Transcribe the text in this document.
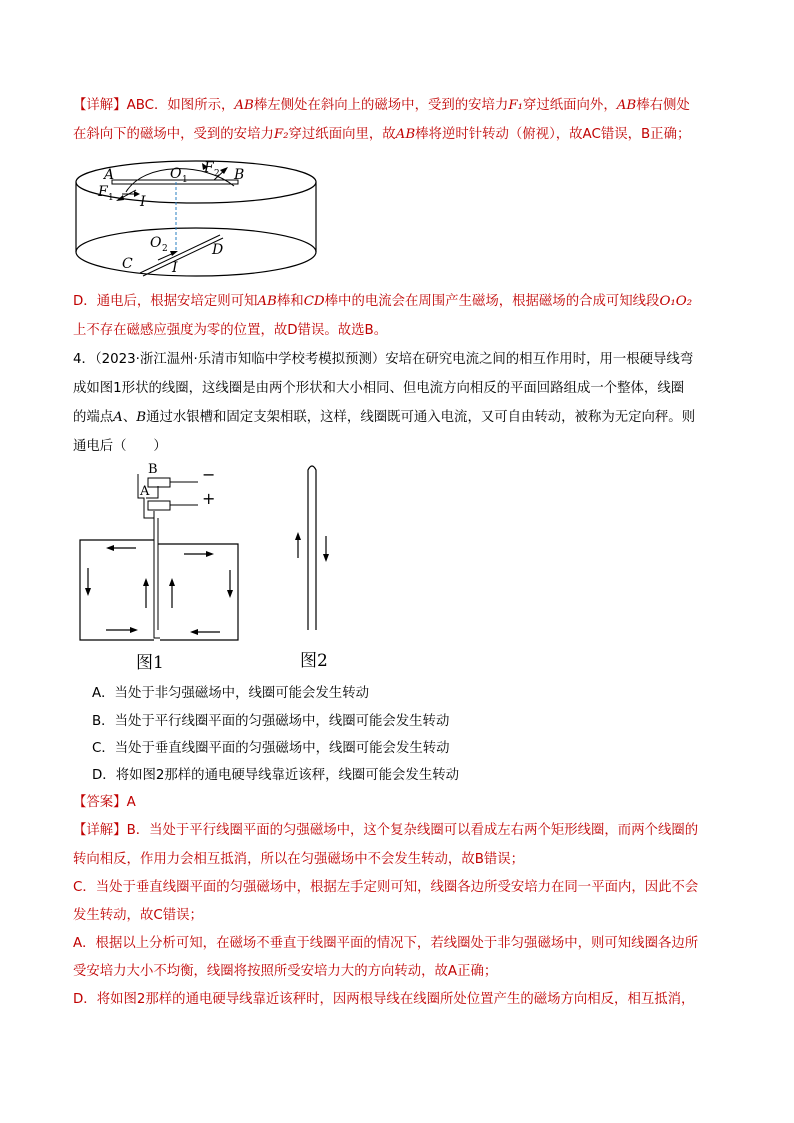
【详解】ABC．如图所示，AB棒左侧处在斜向上的磁场中，受到的安培力F₁穿过纸面向外，AB棒右侧处
在斜向下的磁场中，受到的安培力F₂穿过纸面向里，故AB棒将逆时针转动（俯视），故AC错误，B正确；
A	O 1
F 2 B
F 1 I
O 2	D
C	I
D．通电后，根据安培定则可知AB棒和CD棒中的电流会在周围产生磁场，根据磁场的合成可知线段O₁O₂
上不存在磁感应强度为零的位置，故D错误。故选B。
4．（2023·浙江温州·乐清市知临中学校考模拟预测）安培在研究电流之间的相互作用时，用一根硬导线弯
成如图1形状的线圈，这线圈是由两个形状和大小相同、但电流方向相反的平面回路组成一个整体，线圈
的端点A、B通过水银槽和固定支架相联，这样，线圈既可通入电流，又可自由转动，被称为无定向秤。则
通电后（　　）
B
A
−
+
图1	图2
A．当处于非匀强磁场中，线圈可能会发生转动
B．当处于平行线圈平面的匀强磁场中，线圈可能会发生转动
C．当处于垂直线圈平面的匀强磁场中，线圈可能会发生转动
D．将如图2那样的通电硬导线靠近该秤，线圈可能会发生转动
【答案】A
【详解】B．当处于平行线圈平面的匀强磁场中，这个复杂线圈可以看成左右两个矩形线圈，而两个线圈的
转向相反，作用力会相互抵消，所以在匀强磁场中不会发生转动，故B错误；
C．当处于垂直线圈平面的匀强磁场中，根据左手定则可知，线圈各边所受安培力在同一平面内，因此不会
发生转动，故C错误；
A．根据以上分析可知，在磁场不垂直于线圈平面的情况下，若线圈处于非匀强磁场中，则可知线圈各边所
受安培力大小不均衡，线圈将按照所受安培力大的方向转动，故A正确；
D．将如图2那样的通电硬导线靠近该秤时，因两根导线在线圈所处位置产生的磁场方向相反，相互抵消，
